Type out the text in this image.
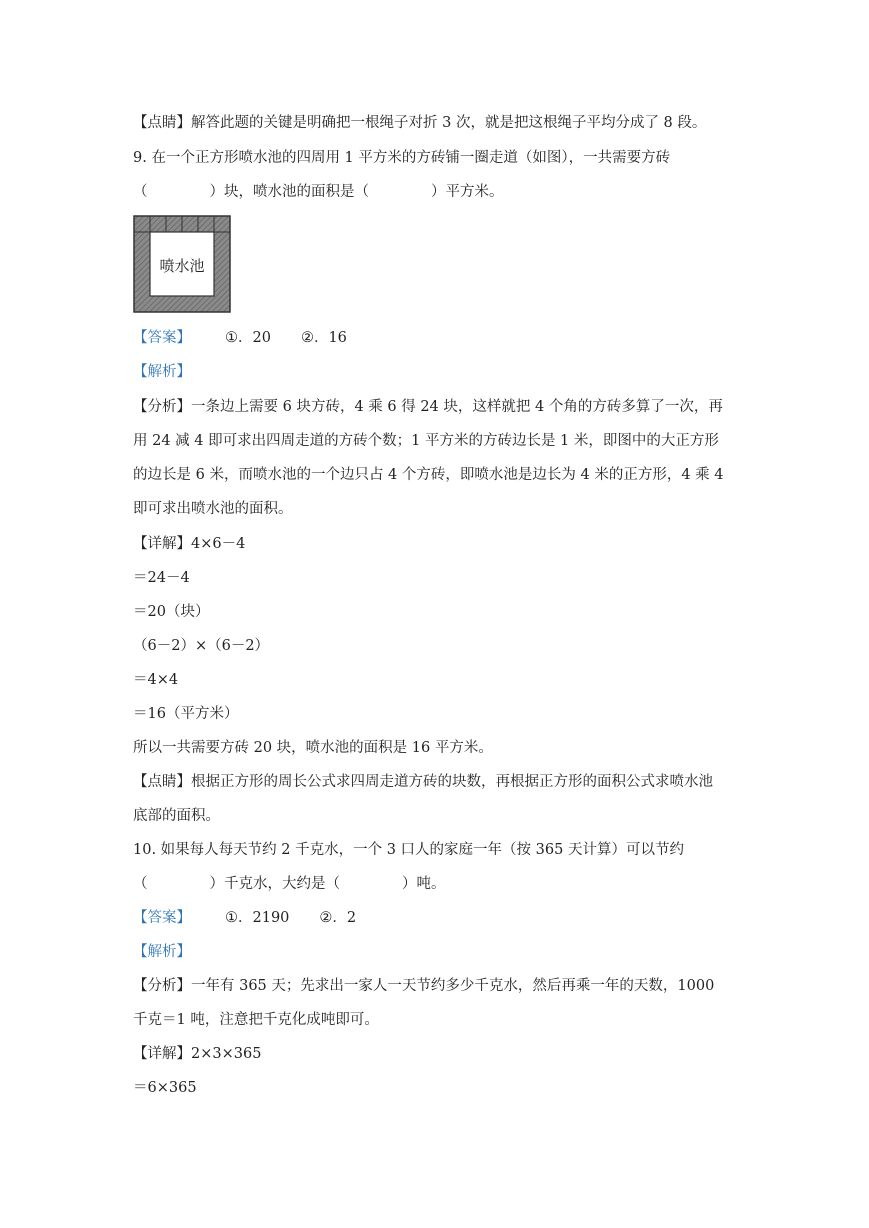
【点睛】解答此题的关键是明确把一根绳子对折 3 次，就是把这根绳子平均分成了 8 段。
9. 在一个正方形喷水池的四周用 1 平方米的方砖铺一圈走道（如图），一共需要方砖
（	）块，喷水池的面积是（	）平方米。
喷水池
【答案】 ①．20 ②．16
【解析】
【分析】一条边上需要 6 块方砖，4 乘 6 得 24 块，这样就把 4 个角的方砖多算了一次，再
用 24 减 4 即可求出四周走道的方砖个数；1 平方米的方砖边长是 1 米，即图中的大正方形
的边长是 6 米，而喷水池的一个边只占 4 个方砖，即喷水池是边长为 4 米的正方形，4 乘 4
即可求出喷水池的面积。
【详解】4×6－4
＝24－4
＝20（块）
（6－2）×（6－2）
＝4×4
＝16（平方米）
所以一共需要方砖 20 块，喷水池的面积是 16 平方米。
【点睛】根据正方形的周长公式求四周走道方砖的块数，再根据正方形的面积公式求喷水池
底部的面积。
10. 如果每人每天节约 2 千克水，一个 3 口人的家庭一年（按 365 天计算）可以节约
（	）千克水，大约是（	）吨。
【答案】 ①．2190 ②．2
【解析】
【分析】一年有 365 天；先求出一家人一天节约多少千克水，然后再乘一年的天数，1000
千克＝1 吨，注意把千克化成吨即可。
【详解】2×3×365
＝6×365
